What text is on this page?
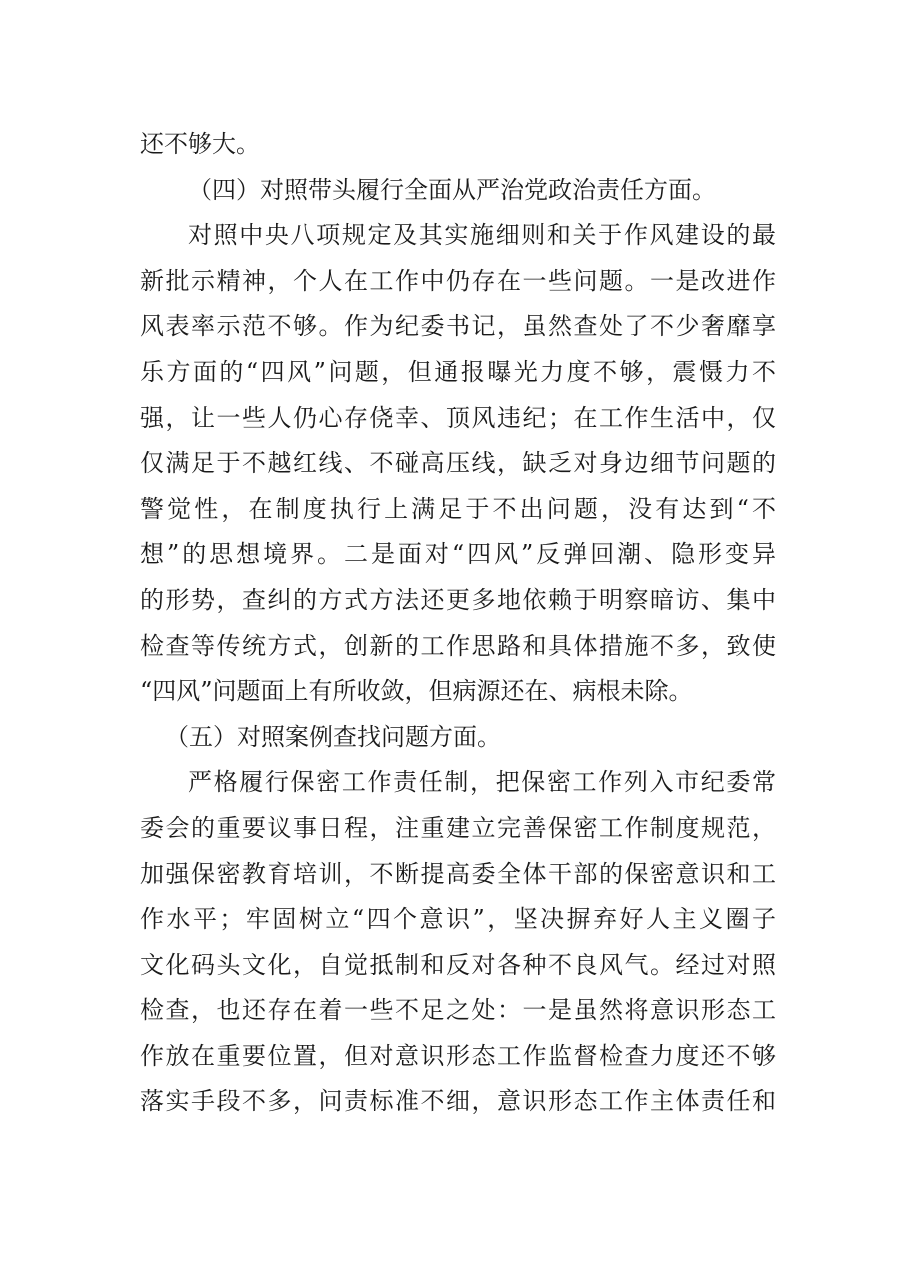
还不够大。
（四）对照带头履行全面从严治党政治责任方面。
对照中央八项规定及其实施细则和关于作风建设的最
新批示精神，个人在工作中仍存在一些问题。一是改进作
风表率示范不够。作为纪委书记，虽然查处了不少奢靡享
乐方面的“四风”问题，但通报曝光力度不够，震慑力不
强，让一些人仍心存侥幸、顶风违纪；在工作生活中，仅
仅满足于不越红线、不碰高压线，缺乏对身边细节问题的
警觉性，在制度执行上满足于不出问题，没有达到“不
想”的思想境界。二是面对“四风”反弹回潮、隐形变异
的形势，查纠的方式方法还更多地依赖于明察暗访、集中
检查等传统方式，创新的工作思路和具体措施不多，致使
“四风”问题面上有所收敛，但病源还在、病根未除。
（五）对照案例查找问题方面。
严格履行保密工作责任制，把保密工作列入市纪委常
委会的重要议事日程，注重建立完善保密工作制度规范，
加强保密教育培训，不断提高委全体干部的保密意识和工
作水平；牢固树立“四个意识”，坚决摒弃好人主义圈子
文化码头文化，自觉抵制和反对各种不良风气。经过对照
检查，也还存在着一些不足之处：一是虽然将意识形态工
作放在重要位置，但对意识形态工作监督检查力度还不够
落实手段不多，问责标准不细，意识形态工作主体责任和
